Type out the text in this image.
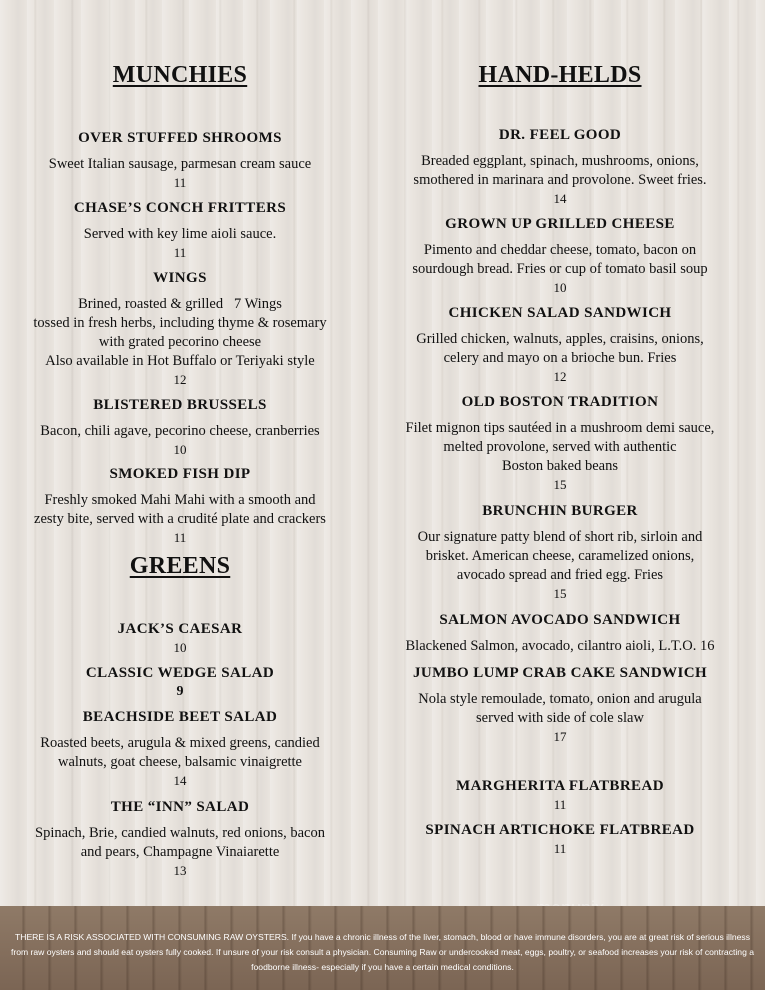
MUNCHIES
OVER STUFFED SHROOMS
Sweet Italian sausage, parmesan cream sauce
11
CHASE’S CONCH FRITTERS
Served with key lime aioli sauce.
11
WINGS
Brined, roasted & grilled   7 Wings
tossed in fresh herbs, including thyme & rosemary
with grated pecorino cheese
Also available in Hot Buffalo or Teriyaki style
12
BLISTERED BRUSSELS
Bacon, chili agave, pecorino cheese, cranberries
10
SMOKED FISH DIP
Freshly smoked Mahi Mahi with a smooth and
zesty bite, served with a crudité plate and crackers
11
GREENS
JACK’S CAESAR
10
CLASSIC WEDGE SALAD
9
BEACHSIDE BEET SALAD
Roasted beets, arugula & mixed greens, candied
walnuts, goat cheese, balsamic vinaigrette
14
THE “INN” SALAD
Spinach, Brie, candied walnuts, red onions, bacon
and pears, Champagne Vinaiarette
13
HAND-HELDS
DR. FEEL GOOD
Breaded eggplant, spinach, mushrooms, onions,
smothered in marinara and provolone. Sweet fries.
14
GROWN UP GRILLED CHEESE
Pimento and cheddar cheese, tomato, bacon on
sourdough bread. Fries or cup of tomato basil soup
10
CHICKEN SALAD SANDWICH
Grilled chicken, walnuts, apples, craisins, onions,
celery and mayo on a brioche bun. Fries
12
OLD BOSTON TRADITION
Filet mignon tips sautéed in a mushroom demi sauce,
melted provolone, served with authentic
Boston baked beans
15
BRUNCHIN BURGER
Our signature patty blend of short rib, sirloin and
brisket. American cheese, caramelized onions,
avocado spread and fried egg. Fries
15
SALMON AVOCADO SANDWICH
Blackened Salmon, avocado, cilantro aioli, L.T.O. 16
JUMBO LUMP CRAB CAKE SANDWICH
Nola style remoulade, tomato, onion and arugula
served with side of cole slaw
17
MARGHERITA FLATBREAD
11
SPINACH ARTICHOKE FLATBREAD
11
THERE IS A RISK ASSOCIATED WITH CONSUMING RAW OYSTERS. If you have a chronic illness of the liver, stomach, blood or have immune disorders, you are at great risk of serious illness from raw oysters and should eat oysters fully cooked. If unsure of your risk consult a physician. Consuming Raw or undercooked meat, eggs, poultry, or seafood increases your risk of contracting a foodborne illness- especially if you have a certain medical conditions.
